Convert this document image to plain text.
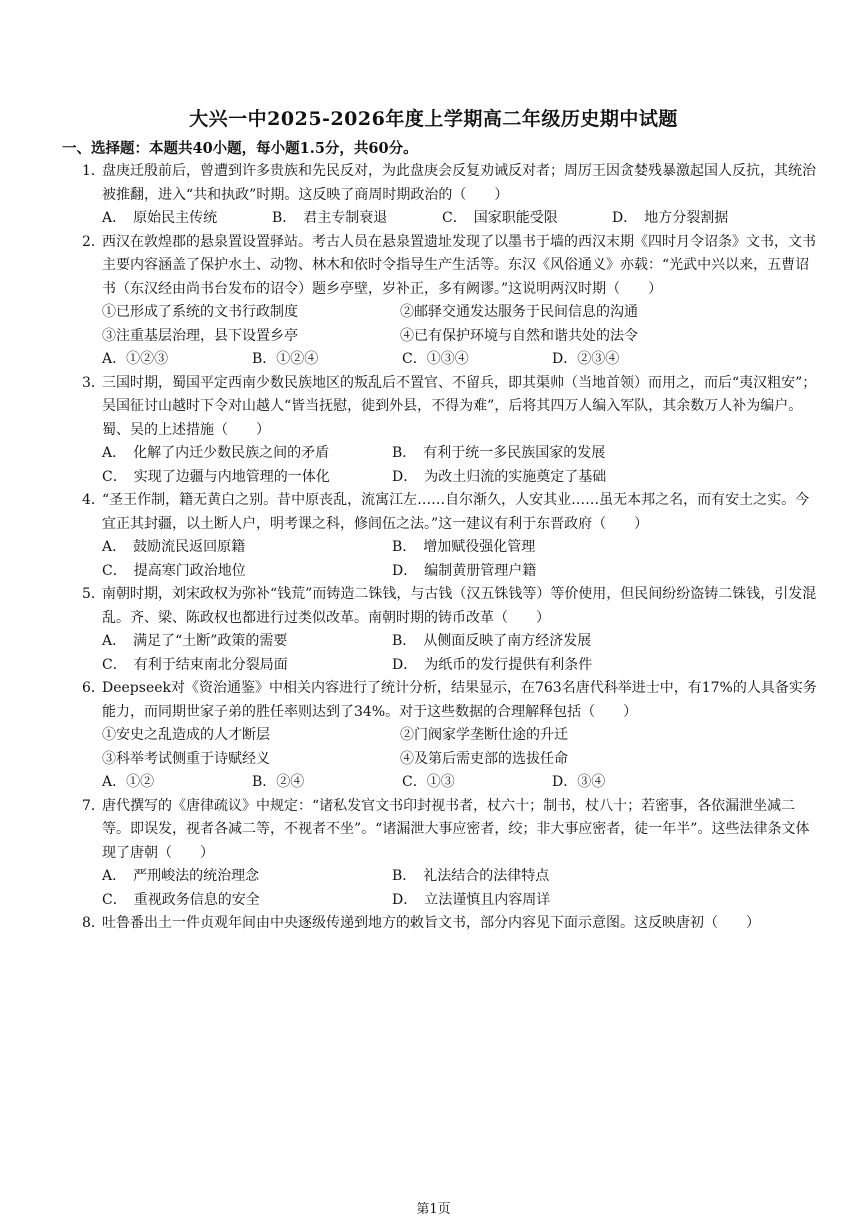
大兴一中2025-2026年度上学期高二年级历史期中试题
一、选择题：本题共40小题，每小题1.5分，共60分。
1．盘庚迁殷前后，曾遭到许多贵族和先民反对，为此盘庚会反复劝诫反对者；周厉王因贪婪残暴激起国人反抗，其统治被推翻，进入“共和执政”时期。这反映了商周时期政治的（　　）
A．　原始民主传统	B．　君主专制衰退	C．　国家职能受限	D．　地方分裂割据
2．西汉在敦煌郡的悬泉置设置驿站。考古人员在悬泉置遗址发现了以墨书于墙的西汉末期《四时月令诏条》文书，文书主要内容涵盖了保护水土、动物、林木和依时令指导生产生活等。东汉《风俗通义》亦载：“光武中兴以来，五曹诏书（东汉经由尚书台发布的诏令）题乡亭壁，岁补正，多有阙谬。”这说明两汉时期（　　）
①已形成了系统的文书行政制度	②邮驿交通发达服务于民间信息的沟通
③注重基层治理，县下设置乡亭	④已有保护环境与自然和谐共处的法令
A．①②③	B．①②④	C．①③④	D．②③④
3．三国时期，蜀国平定西南少数民族地区的叛乱后不置官、不留兵，即其渠帅（当地首领）而用之，而后“夷汉粗安”；吴国征讨山越时下令对山越人“皆当抚慰，徙到外县，不得为难”，后将其四万人编入军队，其余数万人补为编户。蜀、吴的上述措施（　　）
A．　化解了内迁少数民族之间的矛盾	B．　有利于统一多民族国家的发展
C．　实现了边疆与内地管理的一体化	D．　为改土归流的实施奠定了基础
4．“圣王作制，籍无黄白之别。昔中原丧乱，流寓江左……自尔渐久，人安其业……虽无本邦之名，而有安土之实。今宜正其封疆，以土断人户，明考课之科，修闾伍之法。”这一建议有利于东晋政府（　　）
A．　鼓励流民返回原籍	B．　增加赋役强化管理
C．　提高寒门政治地位	D．　编制黄册管理户籍
5．南朝时期，刘宋政权为弥补“钱荒”而铸造二铢钱，与古钱（汉五铢钱等）等价使用，但民间纷纷盗铸二铢钱，引发混乱。齐、梁、陈政权也都进行过类似改革。南朝时期的铸币改革（　　）
A．　满足了“土断”政策的需要	B．　从侧面反映了南方经济发展
C．　有利于结束南北分裂局面	D．　为纸币的发行提供有利条件
6．Deepseek对《资治通鉴》中相关内容进行了统计分析，结果显示，在763名唐代科举进士中，有17%的人具备实务能力，而同期世家子弟的胜任率则达到了34%。对于这些数据的合理解释包括（　　）
①安史之乱造成的人才断层	②门阀家学垄断仕途的升迁
③科举考试侧重于诗赋经义	④及第后需吏部的选拔任命
A．①②	B．②④	C．①③	D．③④
7．唐代撰写的《唐律疏议》中规定：“诸私发官文书印封视书者，杖六十；制书，杖八十；若密事，各依漏泄坐减二等。即误发，视者各减二等，不视者不坐”。“诸漏泄大事应密者，绞；非大事应密者，徒一年半”。这些法律条文体现了唐朝（　　）
A．　严刑峻法的统治理念	B．　礼法结合的法律特点
C．　重视政务信息的安全	D．　立法谨慎且内容周详
8．吐鲁番出土一件贞观年间由中央逐级传递到地方的敕旨文书，部分内容见下面示意图。这反映唐初（　　）
第1页
